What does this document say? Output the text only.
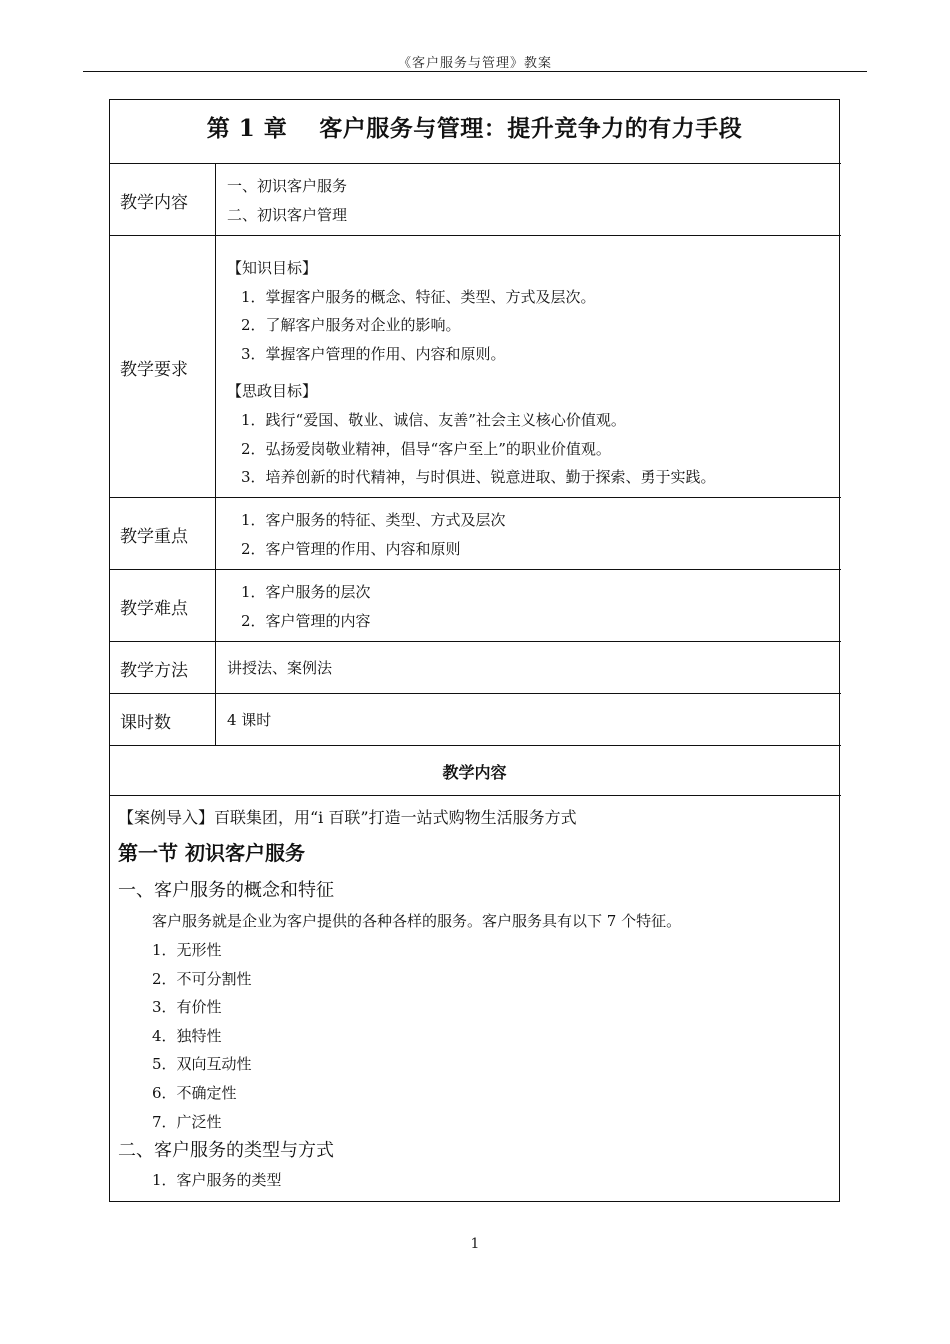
《客户服务与管理》教案
第 1 章　 客户服务与管理：提升竞争力的有力手段
教学内容
一、初识客户服务
二、初识客户管理
教学要求
【知识目标】
1．掌握客户服务的概念、特征、类型、方式及层次。
2．了解客户服务对企业的影响。
3．掌握客户管理的作用、内容和原则。
【思政目标】
1．践行“爱国、敬业、诚信、友善”社会主义核心价值观。
2．弘扬爱岗敬业精神，倡导“客户至上”的职业价值观。
3．培养创新的时代精神，与时俱进、锐意进取、勤于探索、勇于实践。
教学重点
1．客户服务的特征、类型、方式及层次
2．客户管理的作用、内容和原则
教学难点
1．客户服务的层次
2．客户管理的内容
教学方法	讲授法、案例法
课时数	4 课时
教学内容
【案例导入】百联集团，用“i 百联”打造一站式购物生活服务方式
第一节 初识客户服务
一、客户服务的概念和特征
客户服务就是企业为客户提供的各种各样的服务。客户服务具有以下 7 个特征。
1．无形性
2．不可分割性
3．有价性
4．独特性
5．双向互动性
6．不确定性
7．广泛性
二、客户服务的类型与方式
1．客户服务的类型
1
